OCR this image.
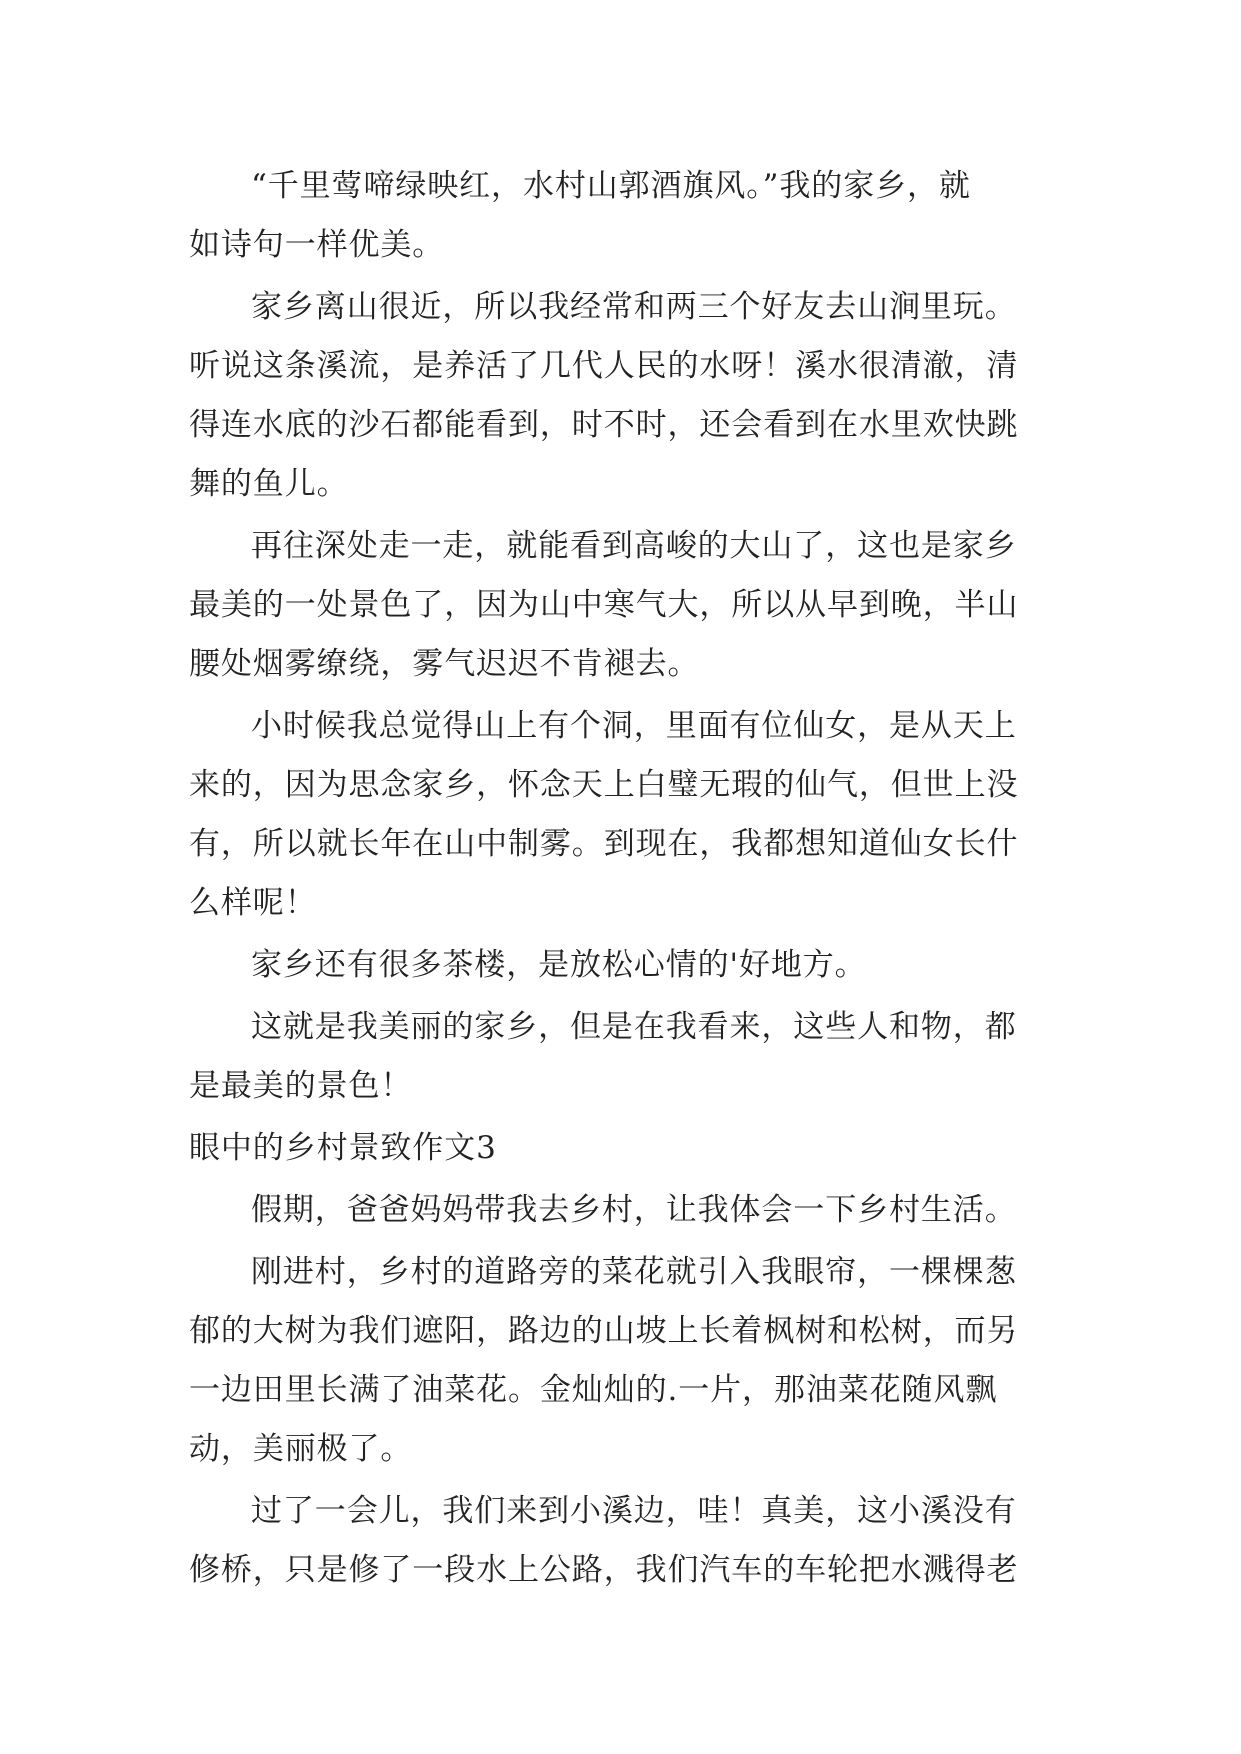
“千里莺啼绿映红，水村山郭酒旗风。”我的家乡，就
如诗句一样优美。

家乡离山很近，所以我经常和两三个好友去山涧里玩。
听说这条溪流，是养活了几代人民的水呀！溪水很清澈，清
得连水底的沙石都能看到，时不时，还会看到在水里欢快跳
舞的鱼儿。

再往深处走一走，就能看到高峻的大山了，这也是家乡
最美的一处景色了，因为山中寒气大，所以从早到晚，半山
腰处烟雾缭绕，雾气迟迟不肯褪去。

小时候我总觉得山上有个洞，里面有位仙女，是从天上
来的，因为思念家乡，怀念天上白璧无瑕的仙气，但世上没
有，所以就长年在山中制雾。到现在，我都想知道仙女长什
么样呢！

家乡还有很多茶楼，是放松心情的'好地方。

这就是我美丽的家乡，但是在我看来，这些人和物，都
是最美的景色！

眼中的乡村景致作文3

假期，爸爸妈妈带我去乡村，让我体会一下乡村生活。

刚进村，乡村的道路旁的菜花就引入我眼帘，一棵棵葱
郁的大树为我们遮阳，路边的山坡上长着枫树和松树，而另
一边田里长满了油菜花。金灿灿的.一片，那油菜花随风飘
动，美丽极了。

过了一会儿，我们来到小溪边，哇！真美，这小溪没有
修桥，只是修了一段水上公路，我们汽车的车轮把水溅得老
